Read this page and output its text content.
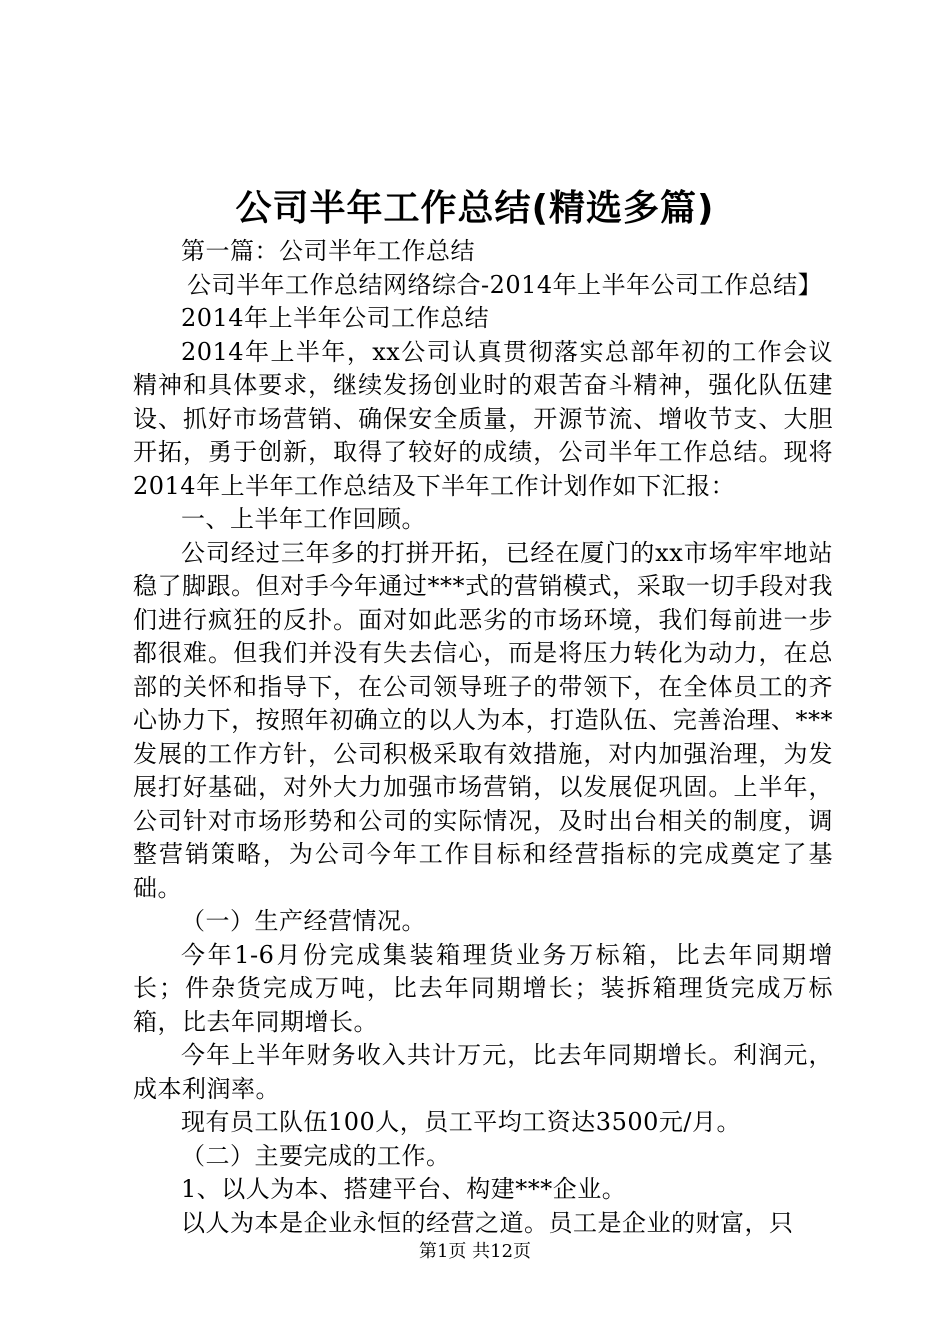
公司半年工作总结(精选多篇)

第一篇：公司半年工作总结

公司半年工作总结网络综合-2014年上半年公司工作总结】

2014年上半年公司工作总结

2014年上半年，xx公司认真贯彻落实总部年初的工作会议精神和具体要求，继续发扬创业时的艰苦奋斗精神，强化队伍建设、抓好市场营销、确保安全质量，开源节流、增收节支、大胆开拓，勇于创新，取得了较好的成绩，公司半年工作总结。现将2014年上半年工作总结及下半年工作计划作如下汇报：

一、上半年工作回顾。

公司经过三年多的打拼开拓，已经在厦门的xx市场牢牢地站稳了脚跟。但对手今年通过***式的营销模式，采取一切手段对我们进行疯狂的反扑。面对如此恶劣的市场环境，我们每前进一步都很难。但我们并没有失去信心，而是将压力转化为动力，在总部的关怀和指导下，在公司领导班子的带领下，在全体员工的齐心协力下，按照年初确立的以人为本，打造队伍、完善治理、***发展的工作方针，公司积极采取有效措施，对内加强治理，为发展打好基础，对外大力加强市场营销，以发展促巩固。上半年，公司针对市场形势和公司的实际情况，及时出台相关的制度，调整营销策略，为公司今年工作目标和经营指标的完成奠定了基础。

（一）生产经营情况。

今年1-6月份完成集装箱理货业务万标箱，比去年同期增长；件杂货完成万吨，比去年同期增长；装拆箱理货完成万标箱，比去年同期增长。

今年上半年财务收入共计万元，比去年同期增长。利润元，成本利润率。

现有员工队伍100人，员工平均工资达3500元/月。

（二）主要完成的工作。

1、以人为本、搭建平台、构建***企业。

以人为本是企业永恒的经营之道。员工是企业的财富，只

第1页 共12页
